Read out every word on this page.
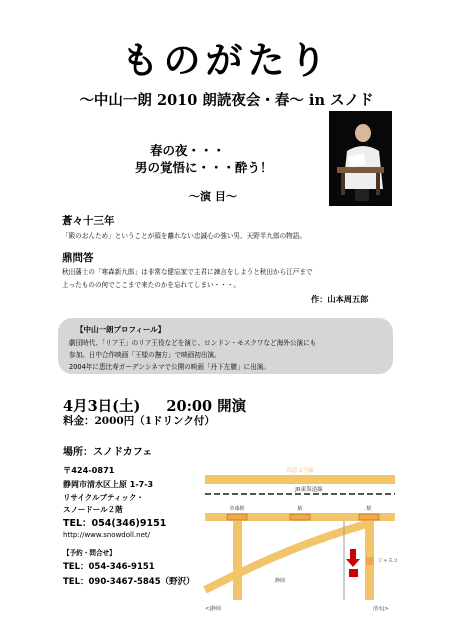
ものがたり
〜中山一朗 2010 朗読夜会・春〜 in スノド
春の夜・・・
男の覚悟に・・・酔う！
〜演 目〜
蒼々十三年
「殿のおんため」ということが頭を離れない忠誠心の強い男、天野半九郎の物語。
鼎問答
秋田藩士の「寒森新九郎」は非常な健忘家で主君に諫言をしようと秋田から江戸まで
上ったものの何でここまで来たのかを忘れてしまい・・・。
作：山本周五郎
【中山一朗プロフィール】
劇団時代、「リア王」のリア王役などを演じ、ロンドン・モスクワなど海外公演にも
参加。日中合作映画「王様の撫方」で映画初出演。
2004年に恵比寿ガーデンシネマで公開の映画「丹下左膳」に出演。
4月3日(土) 20:00 開演
料金：2000円（1ドリンク付）
場所：スノドカフェ
〒424-0871
静岡市清水区上原 1-7-3
リサイクルブティック・
スノードール２階
TEL：054(346)9151
http://www.snowdoll.net/
【予約・問合せ】
TEL：054-346-9151
TEL：090-3467-5845（野沢）
国道 1号線
JR東海道線
草薙駅	駅	駅
ジャスコ
静岡
<|静岡	清水|>
